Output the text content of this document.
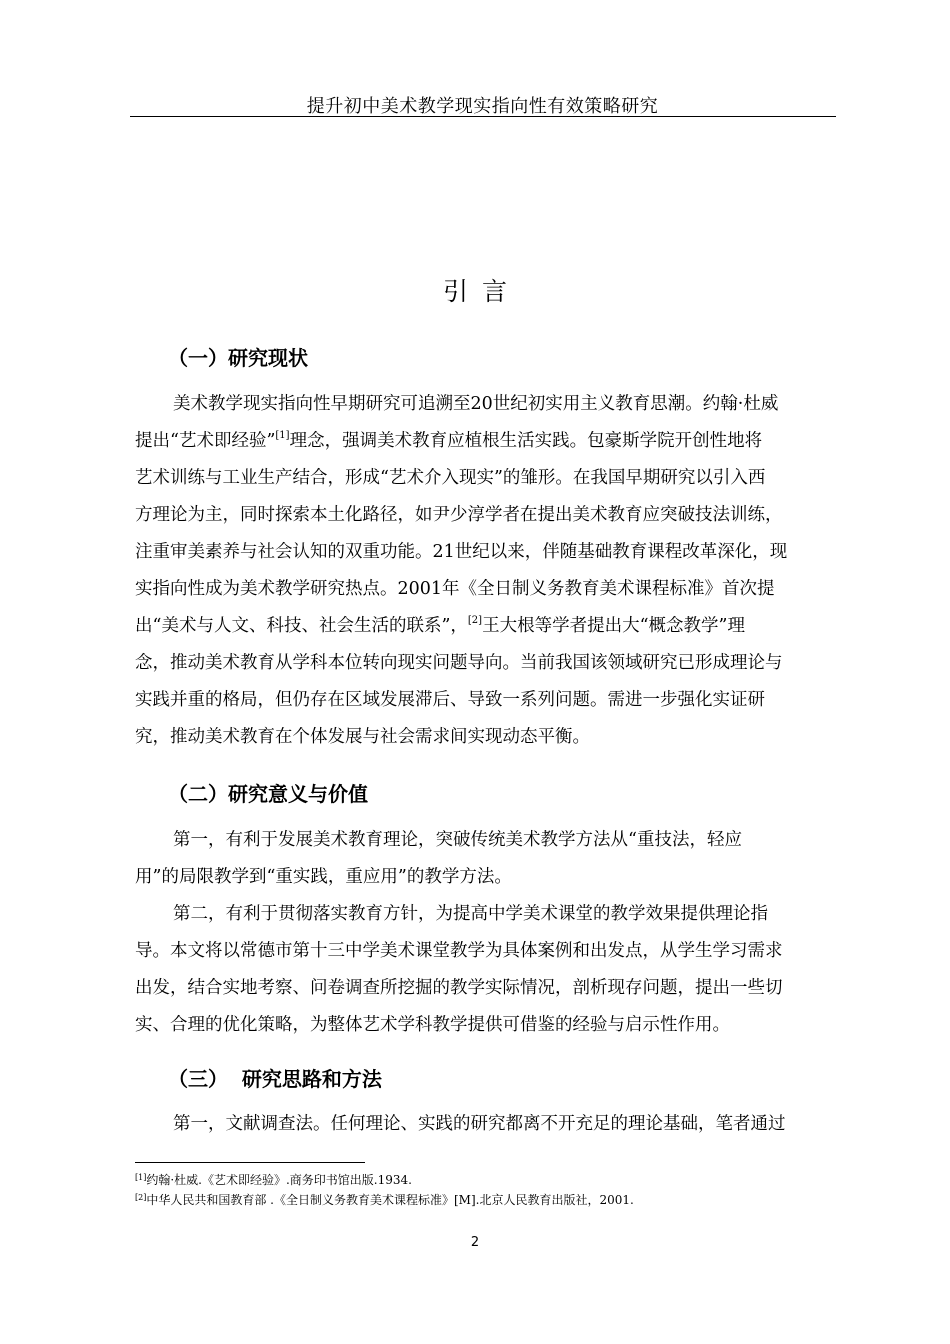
提升初中美术教学现实指向性有效策略研究
引言
（一）研究现状
美术教学现实指向性早期研究可追溯至20世纪初实用主义教育思潮。约翰·杜威
提出“艺术即经验”[1]理念，强调美术教育应植根生活实践。包豪斯学院开创性地将
艺术训练与工业生产结合，形成“艺术介入现实”的雏形。在我国早期研究以引入西
方理论为主，同时探索本土化路径，如尹少淳学者在提出美术教育应突破技法训练，
注重审美素养与社会认知的双重功能。21世纪以来，伴随基础教育课程改革深化，现
实指向性成为美术教学研究热点。2001年《全日制义务教育美术课程标准》首次提
出“美术与人文、科技、社会生活的联系”，[2]王大根等学者提出大“概念教学”理
念，推动美术教育从学科本位转向现实问题导向。当前我国该领域研究已形成理论与
实践并重的格局，但仍存在区域发展滞后、导致一系列问题。需进一步强化实证研
究，推动美术教育在个体发展与社会需求间实现动态平衡。
（二）研究意义与价值
第一，有利于发展美术教育理论，突破传统美术教学方法从“重技法，轻应
用”的局限教学到“重实践，重应用”的教学方法。
第二，有利于贯彻落实教育方针，为提高中学美术课堂的教学效果提供理论指
导。本文将以常德市第十三中学美术课堂教学为具体案例和出发点，从学生学习需求
出发，结合实地考察、问卷调查所挖掘的教学实际情况，剖析现存问题，提出一些切
实、合理的优化策略，为整体艺术学科教学提供可借鉴的经验与启示性作用。
（三）  研究思路和方法
第一，文献调查法。任何理论、实践的研究都离不开充足的理论基础，笔者通过
[1]约翰·杜威.《艺术即经验》.商务印书馆出版.1934.
[2]中华人民共和国教育部 .《全日制义务教育美术课程标准》[M].北京人民教育出版社，2001.
2
